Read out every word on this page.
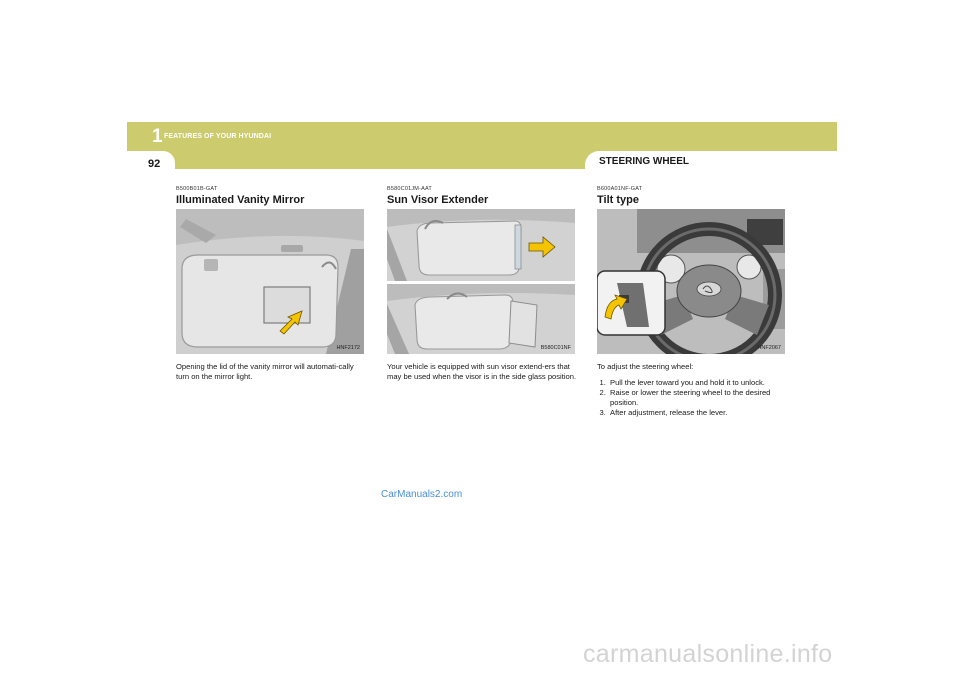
1 FEATURES OF YOUR HYUNDAI
92	STEERING WHEEL

B500B01B-GAT

Illuminated Vanity Mirror
HNF2172

Opening the lid of the vanity mirror will automati-cally turn on the mirror light.

B580C01JM-AAT

Sun Visor Extender
B580C01NF

Your vehicle is equipped with sun visor extend-ers that may be used when the visor is in the side glass position.

B600A01NF-GAT

Tilt type
HNF2067

To adjust the steering wheel:

1. Pull the lever toward you and hold it to unlock.
2. Raise or lower the steering wheel to the desired position.
3. After adjustment, release the lever.
CarManuals2.com
carmanualsonline.info
